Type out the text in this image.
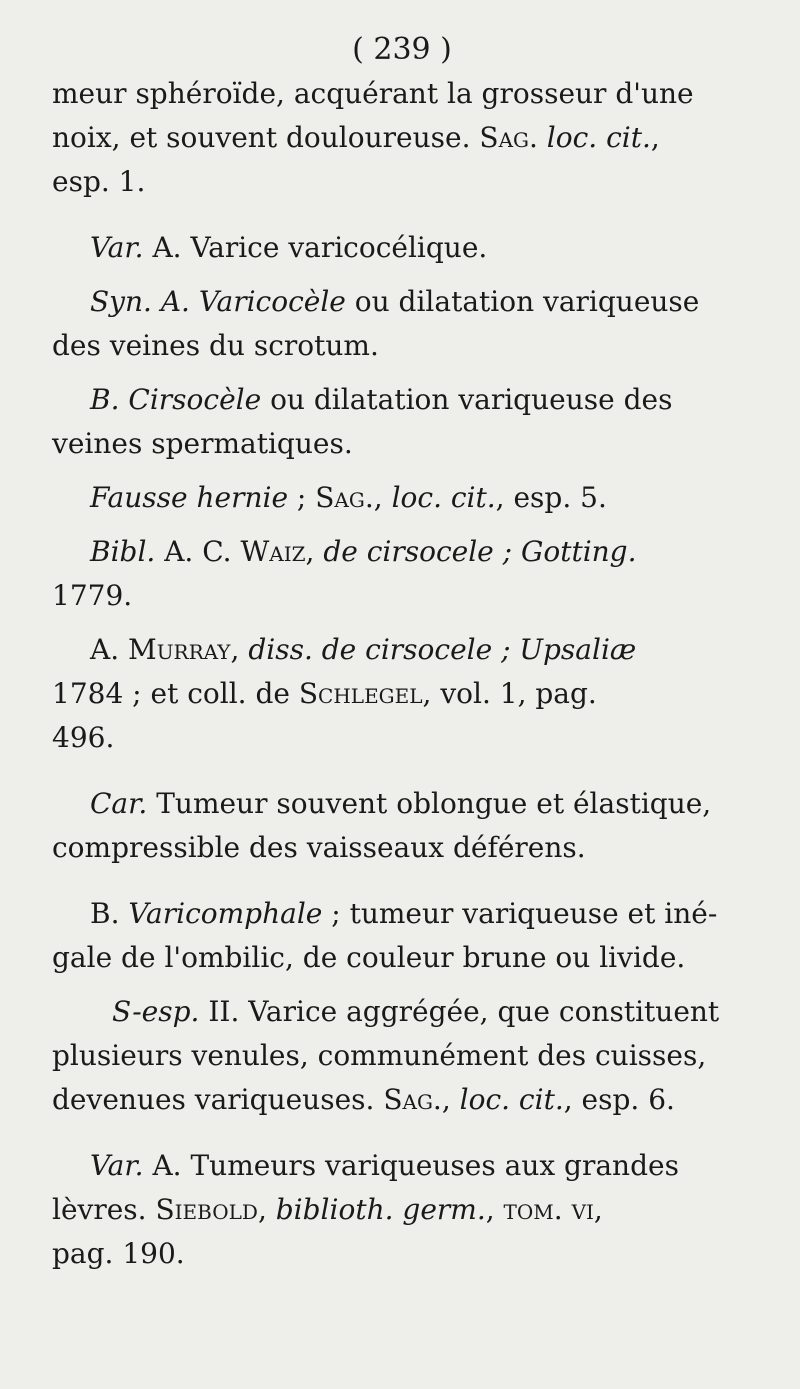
( 239 )

meur sphéroïde, acquérant la grosseur d'une
noix, et souvent douloureuse. Sag. loc. cit.,
esp. 1.

Var. A. Varice varicocélique.

Syn. A. Varicocèle ou dilatation variqueuse

des veines du scrotum.

B. Cirsocèle ou dilatation variqueuse des

veines spermatiques.

Fausse hernie ; Sag., loc. cit., esp. 5.

Bibl. A. C. Waiz, de cirsocele ; Gotting.

1779.

A. Murray, diss. de cirsocele ; Upsaliæ

1784 ; et coll. de Schlegel, vol. 1, pag.
496.

Car. Tumeur souvent oblongue et élastique,

compressible des vaisseaux déférens.

B. Varicomphale ; tumeur variqueuse et iné-

gale de l'ombilic, de couleur brune ou livide.

S-esp. II. Varice aggrégée, que constituent

plusieurs venules, communément des cuisses,
devenues variqueuses. Sag., loc. cit., esp. 6.

Var. A. Tumeurs variqueuses aux grandes

lèvres. Siebold, biblioth. germ., tom. vi,
pag. 190.
